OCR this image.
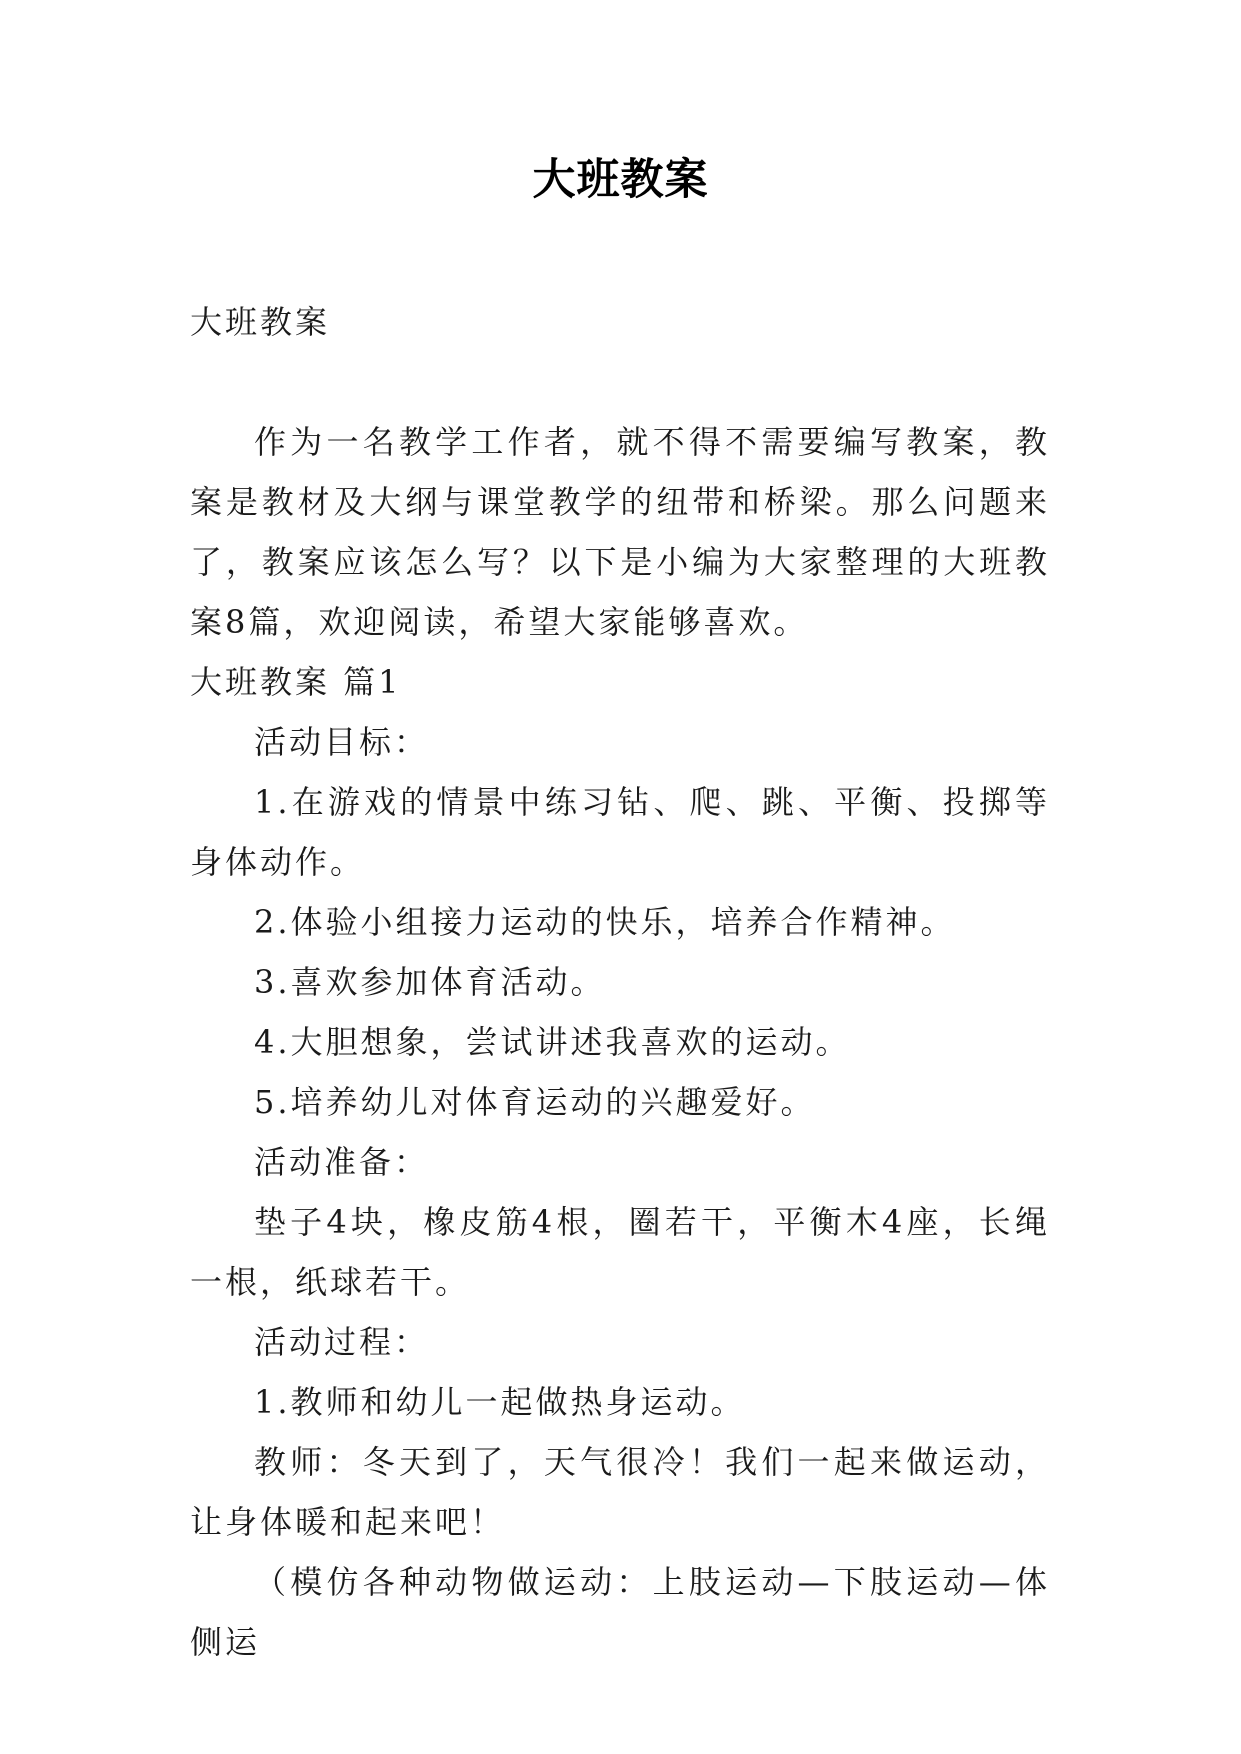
大班教案

大班教案

作为一名教学工作者，就不得不需要编写教案，教案是教材及大纲与课堂教学的纽带和桥梁。那么问题来了，教案应该怎么写？以下是小编为大家整理的大班教案8篇，欢迎阅读，希望大家能够喜欢。

大班教案 篇1

活动目标：

1.在游戏的情景中练习钻、爬、跳、平衡、投掷等身体动作。

2.体验小组接力运动的快乐，培养合作精神。

3.喜欢参加体育活动。

4.大胆想象，尝试讲述我喜欢的运动。

5.培养幼儿对体育运动的兴趣爱好。

活动准备：

垫子4块，橡皮筋4根，圈若干，平衡木4座，长绳一根，纸球若干。

活动过程：

1.教师和幼儿一起做热身运动。

教师：冬天到了，天气很冷！我们一起来做运动，让身体暖和起来吧！

（模仿各种动物做运动：上肢运动—下肢运动—体侧运
